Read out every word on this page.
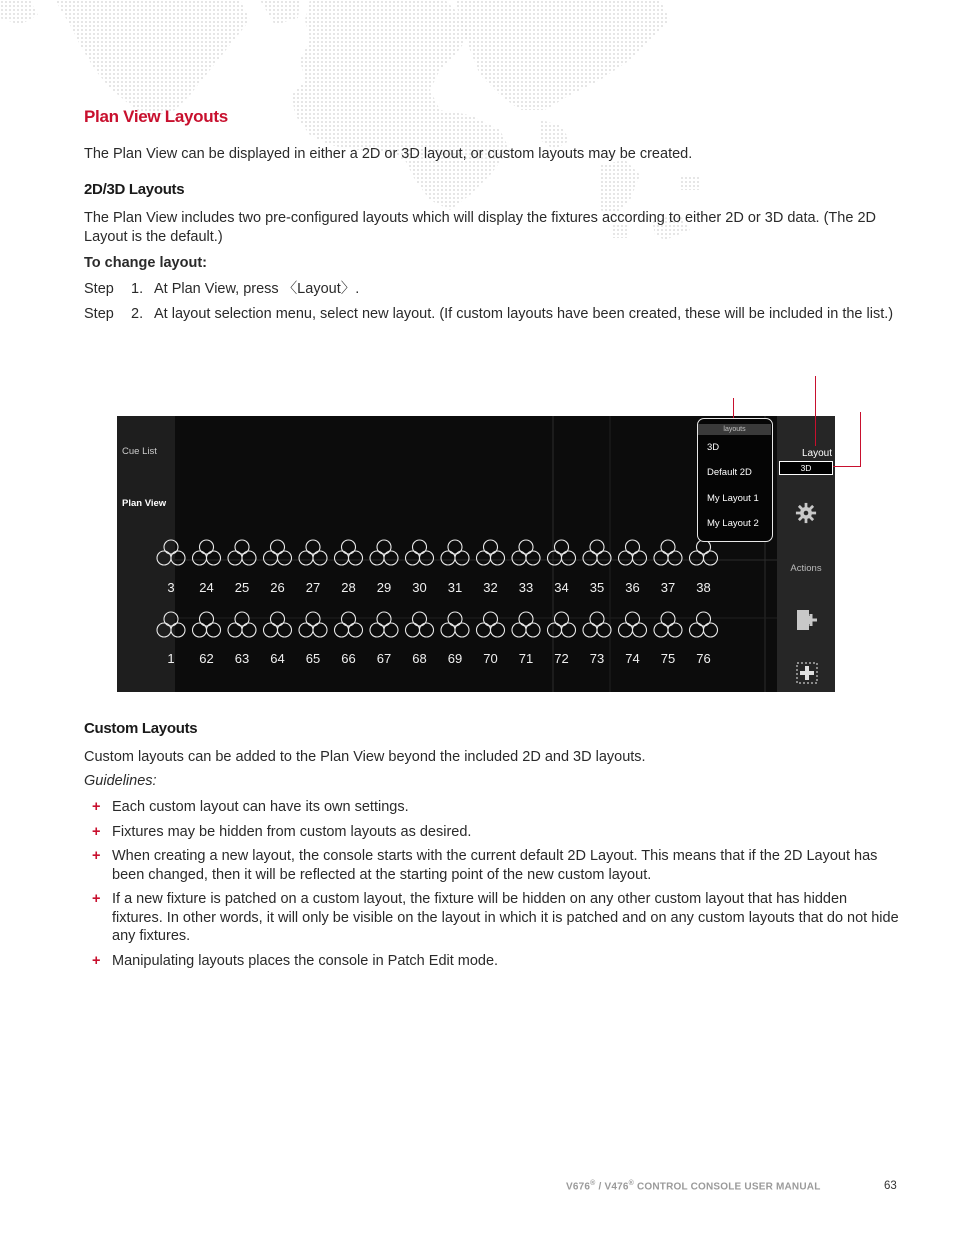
Plan View Layouts
The Plan View can be displayed in either a 2D or 3D layout, or custom layouts may be created.
2D/3D Layouts
The Plan View includes two pre-configured layouts which will display the fixtures according to either 2D or 3D data. (The 2D Layout is the default.)
To change layout:
Step 1. At Plan View, press 〈Layout〉.
Step 2. At layout selection menu, select new layout. (If custom layouts have been created, these will be included in the list.)
Custom Layouts
Custom layouts can be added to the Plan View beyond the included 2D and 3D layouts.
Guidelines:
+ Each custom layout can have its own settings.
+ Fixtures may be hidden from custom layouts as desired.
+ When creating a new layout, the console starts with the current default 2D Layout. This means that if the 2D Layout has been changed, then it will be reflected at the starting point of the new custom layout.
+ If a new fixture is patched on a custom layout, the fixture will be hidden on any other custom layout that has hidden fixtures. In other words, it will only be visible on the layout in which it is patched and on any custom layouts that do not hide any fixtures.
+ Manipulating layouts places the console in Patch Edit mode.
Cue List
Plan View
3 24 25 26 27 28 29 30 31 32 33 34 35 36 37 38
1 62 63 64 65 66 67 68 69 70 71 72 73 74 75 76
layouts
3D
Default 2D
My Layout 1
My Layout 2
Actions
Layout
3D
V676® / V476® CONTROL CONSOLE USER MANUAL	63
